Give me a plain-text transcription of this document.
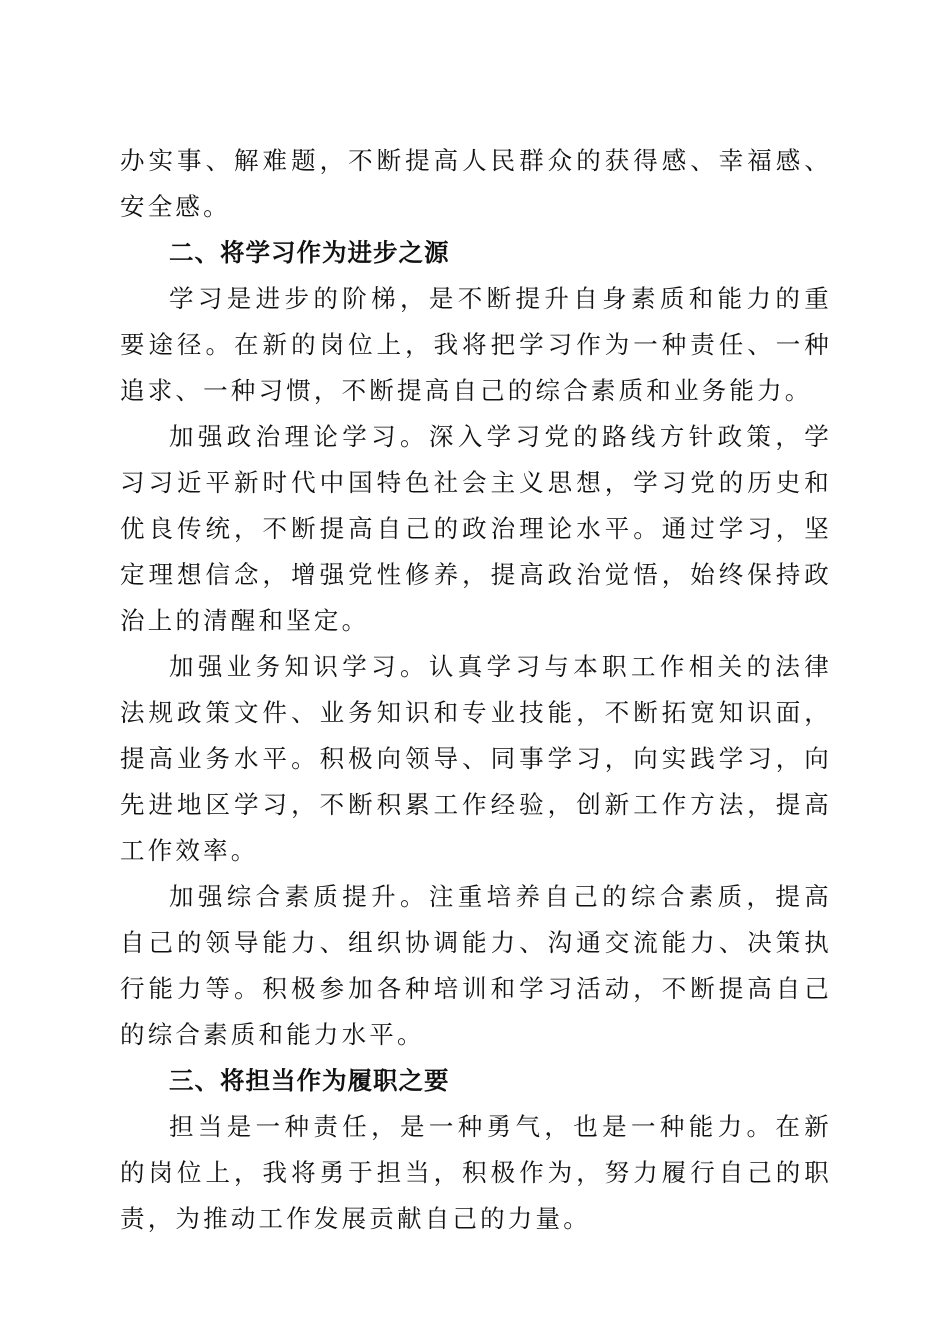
办实事、解难题，不断提高人民群众的获得感、幸福感、安全感。

二、将学习作为进步之源

学习是进步的阶梯，是不断提升自身素质和能力的重要途径。在新的岗位上，我将把学习作为一种责任、一种追求、一种习惯，不断提高自己的综合素质和业务能力。

加强政治理论学习。深入学习党的路线方针政策，学习习近平新时代中国特色社会主义思想，学习党的历史和优良传统，不断提高自己的政治理论水平。通过学习，坚定理想信念，增强党性修养，提高政治觉悟，始终保持政治上的清醒和坚定。

加强业务知识学习。认真学习与本职工作相关的法律法规政策文件、业务知识和专业技能，不断拓宽知识面，提高业务水平。积极向领导、同事学习，向实践学习，向先进地区学习，不断积累工作经验，创新工作方法，提高工作效率。

加强综合素质提升。注重培养自己的综合素质，提高自己的领导能力、组织协调能力、沟通交流能力、决策执行能力等。积极参加各种培训和学习活动，不断提高自己的综合素质和能力水平。

三、将担当作为履职之要

担当是一种责任，是一种勇气，也是一种能力。在新的岗位上，我将勇于担当，积极作为，努力履行自己的职责，为推动工作发展贡献自己的力量。
